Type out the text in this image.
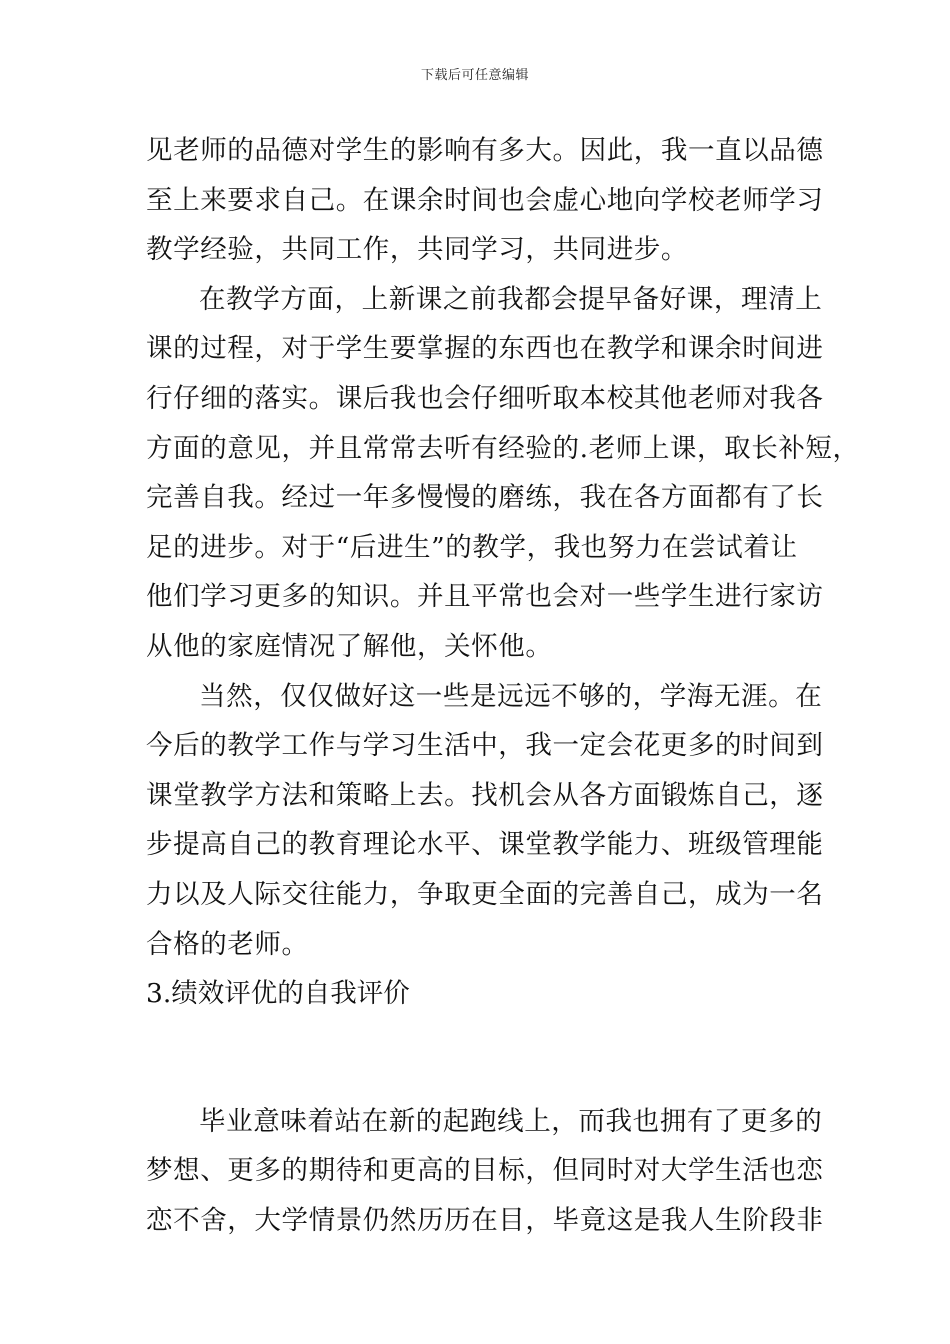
下载后可任意编辑
见老师的品德对学生的影响有多大。因此，我一直以品德
至上来要求自己。在课余时间也会虚心地向学校老师学习
教学经验，共同工作，共同学习，共同进步。
在教学方面，上新课之前我都会提早备好课，理清上
课的过程，对于学生要掌握的东西也在教学和课余时间进
行仔细的落实。课后我也会仔细听取本校其他老师对我各
方面的意见，并且常常去听有经验的.老师上课，取长补短，
完善自我。经过一年多慢慢的磨练，我在各方面都有了长
足的进步。对于“后进生”的教学，我也努力在尝试着让
他们学习更多的知识。并且平常也会对一些学生进行家访
从他的家庭情况了解他，关怀他。
当然，仅仅做好这一些是远远不够的，学海无涯。在
今后的教学工作与学习生活中，我一定会花更多的时间到
课堂教学方法和策略上去。找机会从各方面锻炼自己，逐
步提高自己的教育理论水平、课堂教学能力、班级管理能
力以及人际交往能力，争取更全面的完善自己，成为一名
合格的老师。
3.绩效评优的自我评价
毕业意味着站在新的起跑线上，而我也拥有了更多的
梦想、更多的期待和更高的目标，但同时对大学生活也恋
恋不舍，大学情景仍然历历在目，毕竟这是我人生阶段非
